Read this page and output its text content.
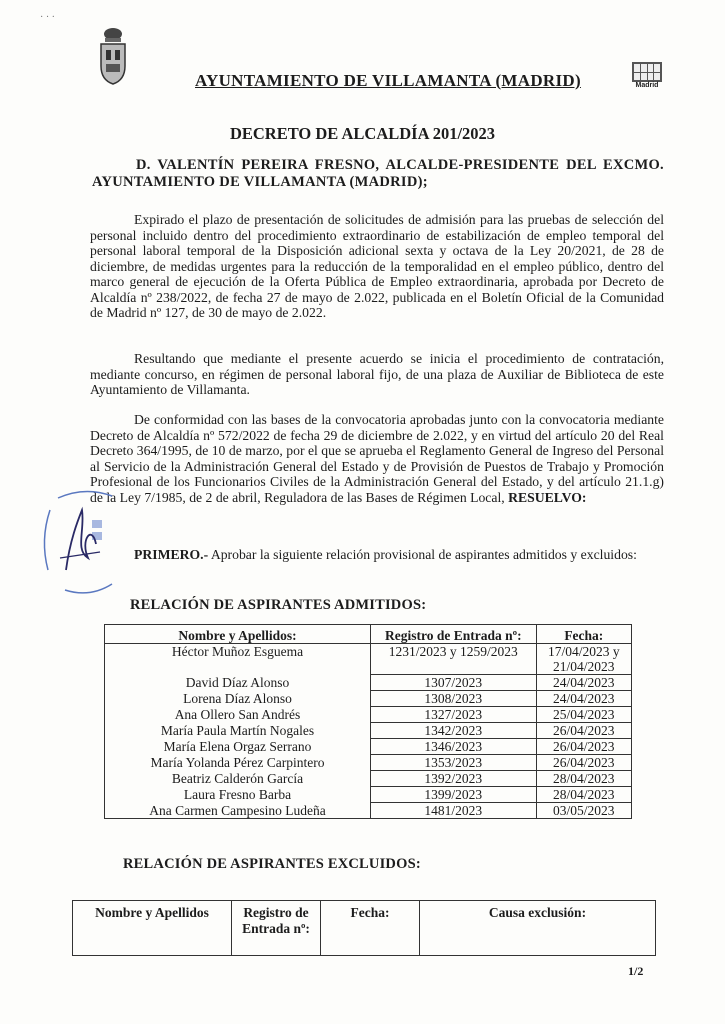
· · ·
AYUNTAMIENTO DE VILLAMANTA (MADRID)	Madrid
DECRETO DE ALCALDÍA 201/2023
D. VALENTÍN PEREIRA FRESNO, ALCALDE-PRESIDENTE DEL EXCMO. AYUNTAMIENTO DE VILLAMANTA (MADRID);
Expirado el plazo de presentación de solicitudes de admisión para las pruebas de selección del personal incluido dentro del procedimiento extraordinario de estabilización de empleo temporal del personal laboral temporal de la Disposición adicional sexta y octava de la Ley 20/2021, de 28 de diciembre, de medidas urgentes para la reducción de la temporalidad en el empleo público, dentro del marco general de ejecución de la Oferta Pública de Empleo extraordinaria, aprobada por Decreto de Alcaldía nº 238/2022, de fecha 27 de mayo de 2.022, publicada en el Boletín Oficial de la Comunidad de Madrid nº 127, de 30 de mayo de 2.022.
Resultando que mediante el presente acuerdo se inicia el procedimiento de contratación, mediante concurso, en régimen de personal laboral fijo, de una plaza de Auxiliar de Biblioteca de este Ayuntamiento de Villamanta.
De conformidad con las bases de la convocatoria aprobadas junto con la convocatoria mediante Decreto de Alcaldía nº 572/2022 de fecha 29 de diciembre de 2.022, y en virtud del artículo 20 del Real Decreto 364/1995, de 10 de marzo, por el que se aprueba el Reglamento General de Ingreso del Personal al Servicio de la Administración General del Estado y de Provisión de Puestos de Trabajo y Promoción Profesional de los Funcionarios Civiles de la Administración General del Estado, y del artículo 21.1.g) de la Ley 7/1985, de 2 de abril, Reguladora de las Bases de Régimen Local, RESUELVO:
PRIMERO.- Aprobar la siguiente relación provisional de aspirantes admitidos y excluidos:
RELACIÓN DE ASPIRANTES ADMITIDOS:
Nombre y Apellidos:	Registro de Entrada nº:	Fecha:
Héctor Muñoz Esguema	1231/2023 y 1259/2023	17/04/2023 y 21/04/2023
David Díaz Alonso	1307/2023	24/04/2023
Lorena Díaz Alonso	1308/2023	24/04/2023
Ana Ollero San Andrés	1327/2023	25/04/2023
María Paula Martín Nogales	1342/2023	26/04/2023
María Elena Orgaz Serrano	1346/2023	26/04/2023
María Yolanda Pérez Carpintero	1353/2023	26/04/2023
Beatriz Calderón García	1392/2023	28/04/2023
Laura Fresno Barba	1399/2023	28/04/2023
Ana Carmen Campesino Ludeña	1481/2023	03/05/2023
RELACIÓN DE ASPIRANTES EXCLUIDOS:
Nombre y Apellidos	Registro de Entrada nº:	Fecha:	Causa exclusión:
1/2
